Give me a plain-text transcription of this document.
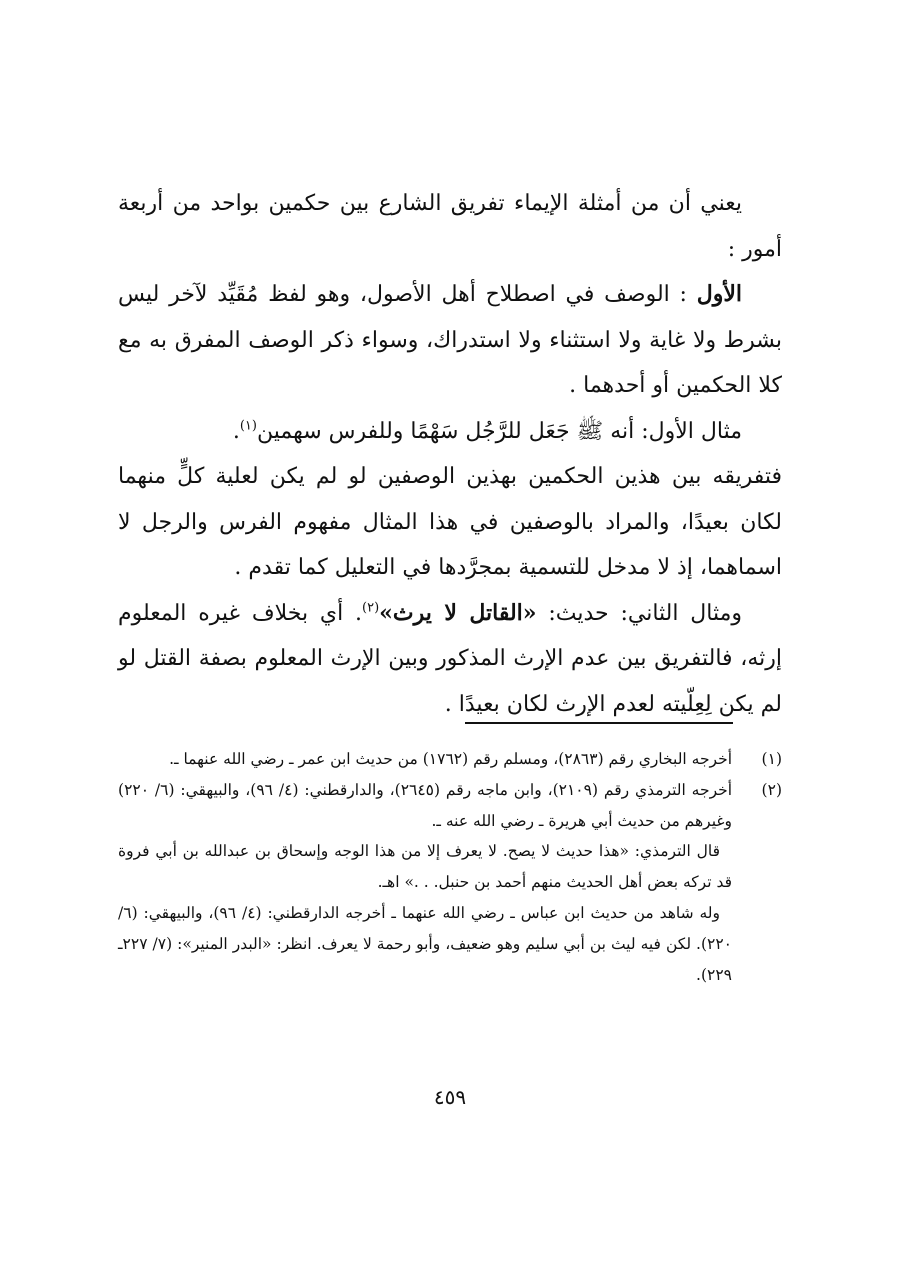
يعني أن من أمثلة الإيماء تفريق الشارع بين حكمين بواحد من أربعة أمور :

الأول : الوصف في اصطلاح أهل الأصول، وهو لفظ مُقَيِّد لآخر ليس بشرط ولا غاية ولا استثناء ولا استدراك، وسواء ذكر الوصف المفرق به مع كلا الحكمين أو أحدهما .

مثال الأول: أنه ﷺ جَعَل للرَّجُل سَهْمًا وللفرس سهمين$^{(١)}$.

فتفريقه بين هذين الحكمين بهذين الوصفين لو لم يكن لعلية كلٍّ منهما لكان بعيدًا، والمراد بالوصفين في هذا المثال مفهوم الفرس والرجل لا اسماهما، إذ لا مدخل للتسمية بمجرَّدها في التعليل كما تقدم .

ومثال الثاني: حديث: «القاتل لا يرث»$^{(٢)}$. أي بخلاف غيره المعلوم إرثه، فالتفريق بين عدم الإرث المذكور وبين الإرث المعلوم بصفة القتل لو لم يكن لِعِلّيته لعدم الإرث لكان بعيدًا .

(١)

أخرجه البخاري رقم (٢٨٦٣)، ومسلم رقم (١٧٦٢) من حديث ابن عمر ـ رضي الله عنهما ـ.

(٢)

أخرجه الترمذي رقم (٢١٠٩)، وابن ماجه رقم (٢٦٤٥)، والدارقطني: (٤/ ٩٦)، والبيهقي: (٦/ ٢٢٠) وغيرهم من حديث أبي هريرة ـ رضي الله عنه ـ.

قال الترمذي: «هذا حديث لا يصح. لا يعرف إلا من هذا الوجه وإسحاق بن عبدالله بن أبي فروة قد تركه بعض أهل الحديث منهم أحمد بن حنبل. . .» اهـ.

وله شاهد من حديث ابن عباس ـ رضي الله عنهما ـ أخرجه الدارقطني: (٤/ ٩٦)، والبيهقي: (٦/ ٢٢٠). لكن فيه ليث بن أبي سليم وهو ضعيف، وأبو رحمة لا يعرف. انظر: «البدر المنير»: (٧/ ٢٢٧ـ ٢٢٩).

٤٥٩
